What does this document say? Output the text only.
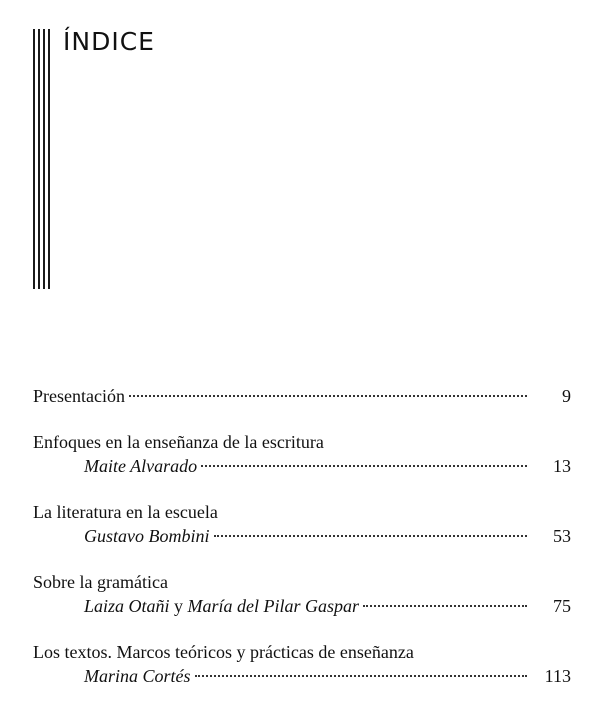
ÍNDICE
Presentación	9
Enfoques en la enseñanza de la escritura
Maite Alvarado	13
La literatura en la escuela
Gustavo Bombini	53
Sobre la gramática
Laiza Otañi y María del Pilar Gaspar	75
Los textos. Marcos teóricos y prácticas de enseñanza
Marina Cortés	113
